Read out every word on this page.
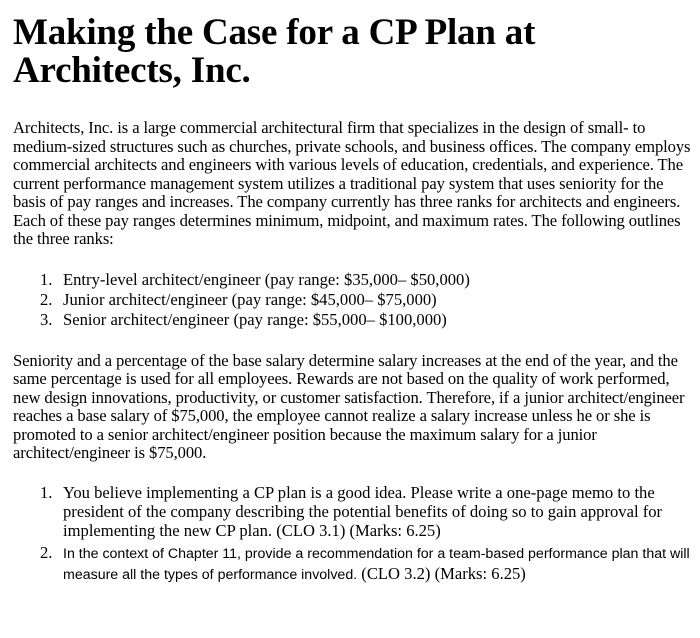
Making the Case for a CP Plan at Architects, Inc.

Architects, Inc. is a large commercial architectural firm that specializes in the design of small- to medium-sized structures such as churches, private schools, and business offices. The company employs commercial architects and engineers with various levels of education, credentials, and experience. The current performance management system utilizes a traditional pay system that uses seniority for the basis of pay ranges and increases. The company currently has three ranks for architects and engineers. Each of these pay ranges determines minimum, midpoint, and maximum rates. The following outlines the three ranks:

1. Entry-level architect/engineer (pay range: $35,000– $50,000)
2. Junior architect/engineer (pay range: $45,000– $75,000)
3. Senior architect/engineer (pay range: $55,000– $100,000)

Seniority and a percentage of the base salary determine salary increases at the end of the year, and the same percentage is used for all employees. Rewards are not based on the quality of work performed, new design innovations, productivity, or customer satisfaction. Therefore, if a junior architect/engineer reaches a base salary of $75,000, the employee cannot realize a salary increase unless he or she is promoted to a senior architect/engineer position because the maximum salary for a junior architect/engineer is $75,000.

1. You believe implementing a CP plan is a good idea. Please write a one-page memo to the president of the company describing the potential benefits of doing so to gain approval for implementing the new CP plan. (CLO 3.1) (Marks: 6.25)
2. In the context of Chapter 11, provide a recommendation for a team-based performance plan that will measure all the types of performance involved. (CLO 3.2) (Marks: 6.25)
